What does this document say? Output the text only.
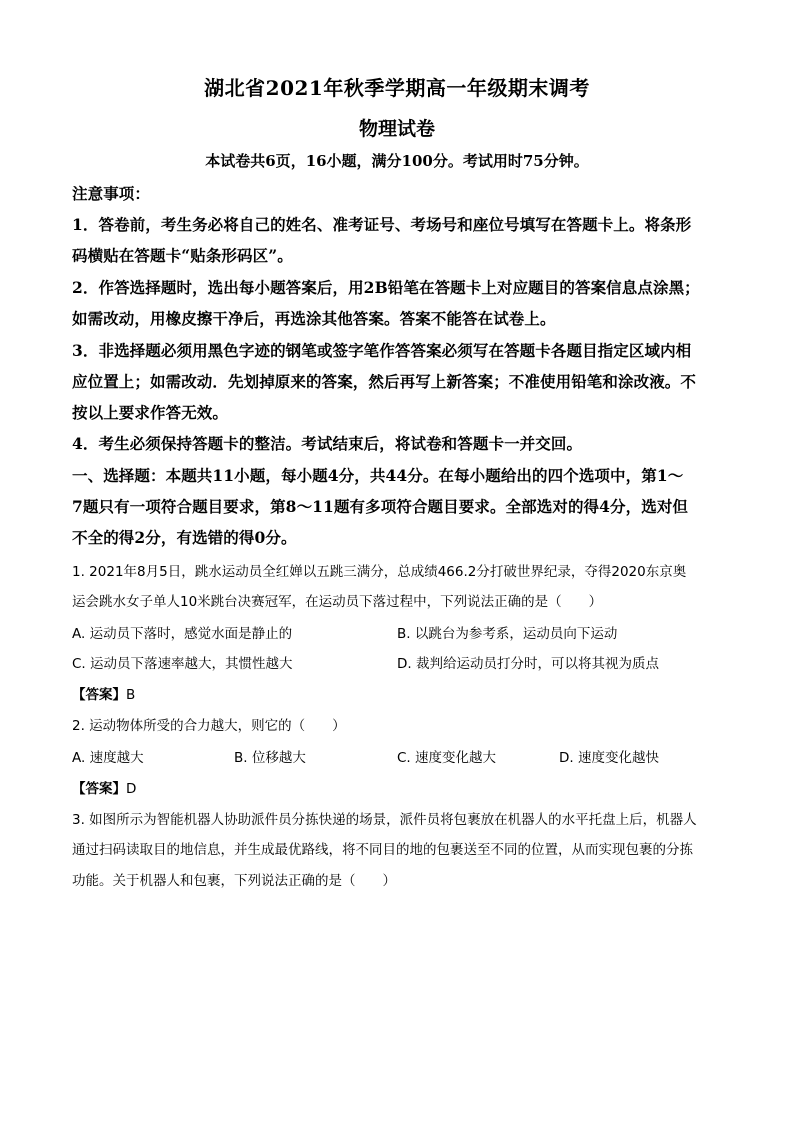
湖北省2021年秋季学期高一年级期末调考
物理试卷
本试卷共6页，16小题，满分100分。考试用时75分钟。
注意事项：
1．答卷前，考生务必将自己的姓名、准考证号、考场号和座位号填写在答题卡上。将条形
码横贴在答题卡“贴条形码区”。
2．作答选择题时，选出每小题答案后，用2B铅笔在答题卡上对应题目的答案信息点涂黑；
如需改动，用橡皮擦干净后，再选涂其他答案。答案不能答在试卷上。
3．非选择题必须用黑色字迹的钢笔或签字笔作答答案必须写在答题卡各题目指定区域内相
应位置上；如需改动．先划掉原来的答案，然后再写上新答案；不准使用铅笔和涂改液。不
按以上要求作答无效。
4．考生必须保持答题卡的整洁。考试结束后，将试卷和答题卡一并交回。
一、选择题：本题共11小题，每小题4分，共44分。在每小题给出的四个选项中，第1～
7题只有一项符合题目要求，第8～11题有多项符合题目要求。全部选对的得4分，选对但
不全的得2分，有选错的得0分。
1. 2021年8月5日，跳水运动员全红婵以五跳三满分，总成绩466.2分打破世界纪录，夺得2020东京奥
运会跳水女子单人10米跳台决赛冠军，在运动员下落过程中，下列说法正确的是（　　）
A. 运动员下落时，感觉水面是静止的	B. 以跳台为参考系，运动员向下运动
C. 运动员下落速率越大，其惯性越大	D. 裁判给运动员打分时，可以将其视为质点
【答案】B
2. 运动物体所受的合力越大，则它的（　　）
A. 速度越大	B. 位移越大	C. 速度变化越大	D. 速度变化越快
【答案】D
3. 如图所示为智能机器人协助派件员分拣快递的场景，派件员将包裹放在机器人的水平托盘上后，机器人
通过扫码读取目的地信息，并生成最优路线，将不同目的地的包裹送至不同的位置，从而实现包裹的分拣
功能。关于机器人和包裹，下列说法正确的是（　　）
